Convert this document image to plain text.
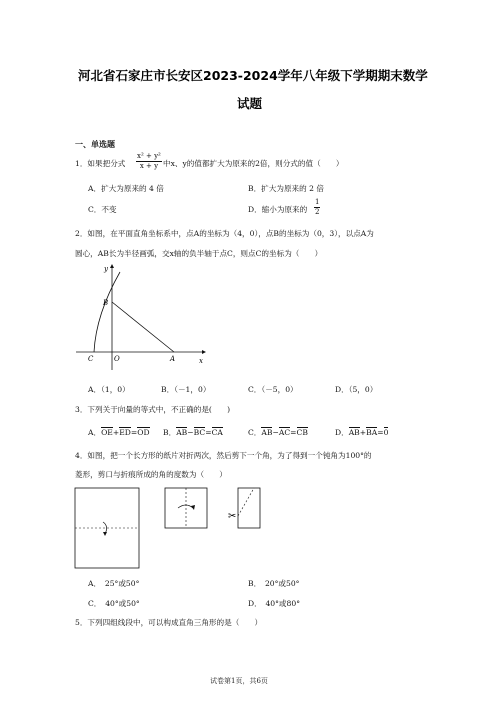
河北省石家庄市长安区2023-2024学年八年级下学期期末数学
试题
一、单选题
1．如果把分式 $\frac{\text{x² + y²}}{x + y}$ 中x、y的值都扩大为原来的2倍，则分式的值（　　）
A．扩大为原来的 4 倍	B．扩大为原来的 2 倍
C．不变	D．缩小为原来的 $\frac{1}{2}$
2．如图，在平面直角坐标系中，点A的坐标为（4，0），点B的坐标为（0，3），以点A为
圆心，AB长为半径画弧，交x轴的负半轴于点C，则点C的坐标为（　　）
y
x
B
C	O	A
A．（1，0）	B．（－1，0）	C．（－5，0）	D．（5，0）
3．下列关于向量的等式中，不正确的是(　　)
A．OE+ED=OD B．AB−BC=CA	C．AB−AC=CB	D．AB+BA=0
4．如图，把一个长方形的纸片对折两次，然后剪下一个角，为了得到一个钝角为100°的
菱形，剪口与折痕所成的角的度数为（　　）
✂
A．　25°或50°	B．　20°或50°
C．　40°或50°	D．　40°或80°
5．下列四组线段中，可以构成直角三角形的是（　　）
试卷第1页，共6页
